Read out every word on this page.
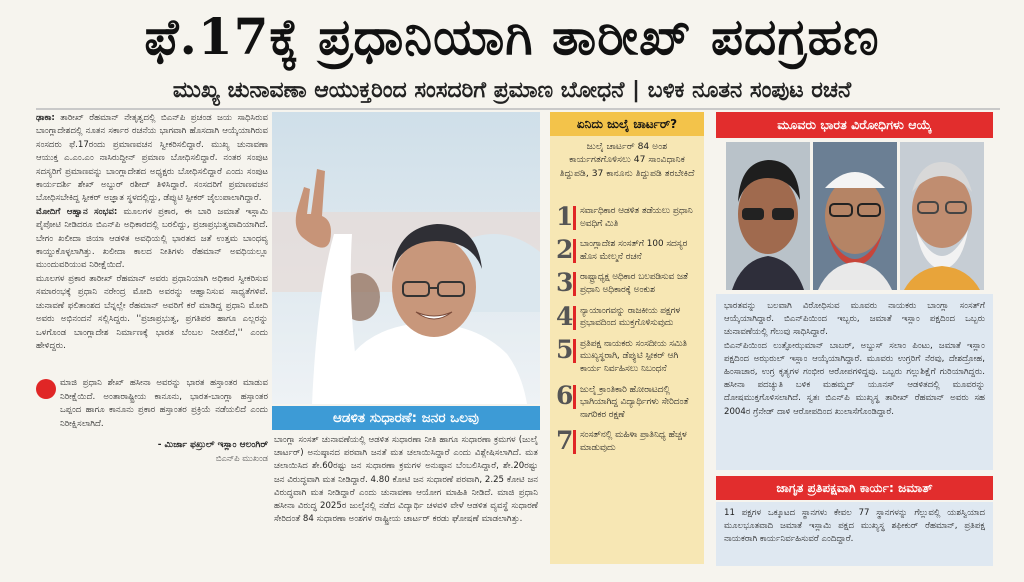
ಫೆ.17ಕ್ಕೆ ಪ್ರಧಾನಿಯಾಗಿ ತಾರೀಖ್ ಪದಗ್ರಹಣ
ಮುಖ್ಯ ಚುನಾವಣಾ ಆಯುಕ್ತರಿಂದ ಸಂಸದರಿಗೆ ಪ್ರಮಾಣ ಬೋಧನೆ | ಬಳಿಕ ನೂತನ ಸಂಪುಟ ರಚನೆ

ಢಾಕಾ: ತಾರೀಖ್ ರೆಹಮಾನ್ ನೇತೃತ್ವದಲ್ಲಿ ಬಿಎನ್‌ಪಿ ಪ್ರಚಂಡ ಜಯ ಸಾಧಿಸಿರುವ ಬಾಂಗ್ಲಾದೇಶದಲ್ಲಿ ನೂತನ ಸರ್ಕಾರ ರಚನೆಯ ಭಾಗವಾಗಿ ಹೊಸದಾಗಿ ಆಯ್ಕೆಯಾಗಿರುವ ಸಂಸದರು ಫೆ.17ರಂದು ಪ್ರಮಾಣವಚನ ಸ್ವೀಕರಿಸಲಿದ್ದಾರೆ. ಮುಖ್ಯ ಚುನಾವಣಾ ಆಯುಕ್ತ ಎ.ಎಂ.ಎಂ ನಾಸಿರುದ್ದೀನ್ ಪ್ರಮಾಣ ಬೋಧಿಸಲಿದ್ದಾರೆ. ನಂತರ ಸಂಪುಟ ಸದಸ್ಯರಿಗೆ ಪ್ರಮಾಣವನ್ನು ಬಾಂಗ್ಲಾದೇಶದ ಅಧ್ಯಕ್ಷರು ಬೋಧಿಸಲಿದ್ದಾರೆ ಎಂದು ಸಂಪುಟ ಕಾರ್ಯದರ್ಶಿ ಶೇಖ್ ಅಬ್ದುರ್ ರಶೀದ್ ತಿಳಿಸಿದ್ದಾರೆ. ಸಂಸದರಿಗೆ ಪ್ರಮಾಣವಚನ ಬೋಧಿಸಬೇಕಿದ್ದ ಸ್ಪೀಕರ್ ಅಜ್ಞಾತ ಸ್ಥಳದಲ್ಲಿದ್ದು, ಡೆಪ್ಯುಟಿ ಸ್ಪೀಕರ್ ಜೈಲುಪಾಲಾಗಿದ್ದಾರೆ.

ಮೋದಿಗೆ ಆಹ್ವಾನ ಸಂಭವ: ಮೂಲಗಳ ಪ್ರಕಾರ, ಈ ಬಾರಿ ಜಮಾತೆ ಇಸ್ಲಾಮಿ ಪೈಪೋಟಿ ನೀಡಿದರೂ ಬಿಎನ್‌ಪಿ ಅಧಿಕಾರದಲ್ಲಿ ಬರಲಿದ್ದು, ಪ್ರಜಾಪ್ರಭುತ್ವವಾದಿಯಾಗಿದೆ. ಬೇಗಂ ಖಲೀದಾ ಜಿಯಾ ಆಡಳಿತ ಅವಧಿಯಲ್ಲಿ ಭಾರತದ ಜತೆ ಉತ್ತಮ ಬಾಂಧವ್ಯ ಕಾಯ್ದುಕೊಳ್ಳಲಾಗಿತ್ತು. ಖಲೀದಾ ಕಾಲದ ನೀತಿಗಳು ರೆಹಮಾನ್ ಅವಧಿಯಲ್ಲೂ ಮುಂದುವರಿಯುವ ನಿರೀಕ್ಷೆಯಿದೆ.

ಮೂಲಗಳ ಪ್ರಕಾರ ತಾರೀಖ್ ರೆಹಮಾನ್ ಅವರು ಪ್ರಧಾನಿಯಾಗಿ ಅಧಿಕಾರ ಸ್ವೀಕರಿಸುವ ಸಮಾರಂಭಕ್ಕೆ ಪ್ರಧಾನಿ ನರೇಂದ್ರ ಮೋದಿ ಅವರನ್ನು ಆಹ್ವಾನಿಸುವ ಸಾಧ್ಯತೆಗಳಿವೆ. ಚುನಾವಣೆ ಫಲಿತಾಂಶದ ಬೆನ್ನಲ್ಲೇ ರೆಹಮಾನ್ ಅವರಿಗೆ ಕರೆ ಮಾಡಿದ್ದ ಪ್ರಧಾನಿ ಮೋದಿ ಅವರು ಅಭಿನಂದನೆ ಸಲ್ಲಿಸಿದ್ದರು. ''ಪ್ರಜಾಪ್ರಭುತ್ವ, ಪ್ರಗತಿಪರ ಹಾಗೂ ಎಲ್ಲರನ್ನು ಒಳಗೊಂಡ ಬಾಂಗ್ಲಾದೇಶ ನಿರ್ಮಾಣಕ್ಕೆ ಭಾರತ ಬೆಂಬಲ ನೀಡಲಿದೆ,'' ಎಂದು ಹೇಳಿದ್ದರು.

ಮಾಜಿ ಪ್ರಧಾನಿ ಶೇಖ್ ಹಸೀನಾ ಅವರನ್ನು ಭಾರತ ಹಸ್ತಾಂತರ ಮಾಡುವ ನಿರೀಕ್ಷೆಯಿದೆ. ಅಂತಾರಾಷ್ಟ್ರೀಯ ಕಾನೂನು, ಭಾರತ-ಬಾಂಗ್ಲಾ ಹಸ್ತಾಂತರ ಒಪ್ಪಂದ ಹಾಗೂ ಕಾನೂನು ಪ್ರಕಾರ ಹಸ್ತಾಂತರ ಪ್ರಕ್ರಿಯೆ ನಡೆಯಲಿದೆ ಎಂದು ನಿರೀಕ್ಷಿಸಲಾಗಿದೆ.

- ಮಿರ್ಜಾ ಫಖ್ರುಲ್ ಇಸ್ಲಾಂ ಆಲಂಗಿರ್

ಬಿಎನ್‌ಪಿ ಮುಖಂಡ

ಆಡಳಿತ ಸುಧಾರಣೆ: ಜನರ ಒಲವು

ಬಾಂಗ್ಲಾ ಸಂಸತ್ ಚುನಾವಣೆಯಲ್ಲಿ ಆಡಳಿತ ಸುಧಾರಣಾ ನೀತಿ ಹಾಗೂ ಸುಧಾರಣಾ ಕ್ರಮಗಳ (ಜುಲೈ ಚಾರ್ಟರ್) ಅನುಷ್ಠಾನದ ಪರವಾಗಿ ಜನತೆ ಮತ ಚಲಾಯಿಸಿದ್ದಾರೆ ಎಂದು ವಿಶ್ಲೇಷಿಸಲಾಗಿದೆ. ಮತ ಚಲಾಯಿಸಿದ ಶೇ.60ರಷ್ಟು ಜನ ಸುಧಾರಣಾ ಕ್ರಮಗಳ ಅನುಷ್ಠಾನ ಬೆಂಬಲಿಸಿದ್ದಾರೆ, ಶೇ.20ರಷ್ಟು ಜನ ವಿರುದ್ಧವಾಗಿ ಮತ ನೀಡಿದ್ದಾರೆ. 4.80 ಕೋಟಿ ಜನ ಸುಧಾರಣೆ ಪರವಾಗಿ, 2.25 ಕೋಟಿ ಜನ ವಿರುದ್ಧವಾಗಿ ಮತ ನೀಡಿದ್ದಾರೆ ಎಂದು ಚುನಾವಣಾ ಆಯೋಗ ಮಾಹಿತಿ ನೀಡಿದೆ. ಮಾಜಿ ಪ್ರಧಾನಿ ಹಸೀನಾ ವಿರುದ್ಧ 2025ರ ಜುಲೈನಲ್ಲಿ ನಡೆದ ವಿದ್ಯಾರ್ಥಿ ಚಳವಳಿ ವೇಳೆ ಆಡಳಿತ ವ್ಯವಸ್ಥೆ ಸುಧಾರಣೆ ಸೇರಿದಂತೆ 84 ಸುಧಾರಣಾ ಅಂಶಗಳ ರಾಷ್ಟ್ರೀಯ ಚಾರ್ಟರ್ ಕರಡು ಘೋಷಣೆ ಮಾಡಲಾಗಿತ್ತು.

ಏನಿದು ಜುಲೈ ಚಾರ್ಟರ್?
ಜುಲೈ ಚಾರ್ಟರ್ 84 ಅಂಶ ಕಾರ್ಯಗತಗೊಳಿಸಲು 47 ಸಾಂವಿಧಾನಿಕ ತಿದ್ದುಪಡಿ, 37 ಕಾನೂನು ತಿದ್ದುಪಡಿ ತರಬೇಕಿದೆ
1 ಸರ್ವಾಧಿಕಾರ ಆಡಳಿತ ತಡೆಯಲು ಪ್ರಧಾನಿ ಅವಧಿಗೆ ಮಿತಿ
2 ಬಾಂಗ್ಲಾದೇಶ ಸಂಸತ್‌ಗೆ 100 ಸದಸ್ಯರ ಹೊಸ ಮೇಲ್ಮನೆ ರಚನೆ
3 ರಾಷ್ಟ್ರಾಧ್ಯಕ್ಷ ಅಧಿಕಾರ ಬಲಪಡಿಸುವ ಜತೆ ಪ್ರಧಾನಿ ಅಧಿಕಾರಕ್ಕೆ ಅಂಕುಶ
4 ನ್ಯಾಯಾಂಗವನ್ನು ರಾಜಕೀಯ ಪಕ್ಷಗಳ ಪ್ರಭಾವದಿಂದ ಮುಕ್ತಗೊಳಿಸುವುದು
5 ಪ್ರತಿಪಕ್ಷ ನಾಯಕರು ಸಂಸದೀಯ ಸಮಿತಿ ಮುಖ್ಯಸ್ಥರಾಗಿ, ಡೆಪ್ಯುಟಿ ಸ್ಪೀಕರ್ ಆಗಿ ಕಾರ್ಯ ನಿರ್ವಹಿಸಲು ನಿಬಂಧನೆ
6 ಜುಲೈ ಕ್ರಾಂತಿಕಾರಿ ಹೋರಾಟದಲ್ಲಿ ಭಾಗಿಯಾಗಿದ್ದ ವಿದ್ಯಾರ್ಥಿಗಳು ಸೇರಿದಂತೆ ನಾಗರಿಕರ ರಕ್ಷಣೆ
7 ಸಂಸತ್‌ನಲ್ಲಿ ಮಹಿಳಾ ಪ್ರಾತಿನಿಧ್ಯ ಹೆಚ್ಚಳ ಮಾಡುವುದು
ಮೂವರು ಭಾರತ ವಿರೋಧಿಗಳು ಆಯ್ಕೆ

ಭಾರತವನ್ನು ಬಲವಾಗಿ ವಿರೋಧಿಸುವ ಮೂವರು ನಾಯಕರು ಬಾಂಗ್ಲಾ ಸಂಸತ್‌ಗೆ ಆಯ್ಕೆಯಾಗಿದ್ದಾರೆ. ಬಿಎನ್‌ಪಿಯಿಂದ ಇಬ್ಬರು, ಜಮಾತೆ ಇಸ್ಲಾಂ ಪಕ್ಷದಿಂದ ಒಬ್ಬರು ಚುನಾವಣೆಯಲ್ಲಿ ಗೆಲುವು ಸಾಧಿಸಿದ್ದಾರೆ.

ಬಿಎನ್‌ಪಿಯಿಂದ ಲುತ್ಫೋಝಮಾನ್ ಬಾಬರ್, ಅಬ್ದುಸ್ ಸಲಾಂ ಪಿಂಟು, ಜಮಾತೆ ಇಸ್ಲಾಂ ಪಕ್ಷದಿಂದ ಅಝರುಲ್ ಇಸ್ಲಾಂ ಆಯ್ಕೆಯಾಗಿದ್ದಾರೆ. ಮೂವರು ಉಗ್ರರಿಗೆ ನೆರವು, ದೇಶದ್ರೋಹ, ಹಿಂಸಾಚಾರ, ಉಗ್ರ ಕೃತ್ಯಗಳ ಗಂಭೀರ ಆರೋಪಗಳಿದ್ದವು. ಒಬ್ಬರು ಗಲ್ಲುಶಿಕ್ಷೆಗೆ ಗುರಿಯಾಗಿದ್ದರು. ಹಸೀನಾ ಪದಚ್ಯುತಿ ಬಳಿಕ ಮಹಮ್ಮದ್ ಯೂನಸ್ ಆಡಳಿತದಲ್ಲಿ ಮೂವರನ್ನು ದೋಷಮುಕ್ತಗೊಳಿಸಲಾಗಿದೆ. ಸ್ವತಃ ಬಿಎನ್‌ಪಿ ಮುಖ್ಯಸ್ಥ ತಾರೀಖ್ ರೆಹಮಾನ್ ಅವರು ಸಹ 2004ರ ಗ್ರೆನೇಡ್ ದಾಳಿ ಆರೋಪದಿಂದ ಖುಲಾಸೆಗೊಂಡಿದ್ದಾರೆ.

ಜಾಗೃತ ಪ್ರತಿಪಕ್ಷವಾಗಿ ಕಾರ್ಯ: ಜಮಾತ್

11 ಪಕ್ಷಗಳ ಒಕ್ಕೂಟದ ಸ್ಥಾನಗಳು ಕೇವಲ 77 ಸ್ಥಾನಗಳನ್ನು ಗೆಲ್ಲುವಲ್ಲಿ ಯಶಸ್ವಿಯಾದ ಮೂಲಭೂತವಾದಿ ಜಮಾತೆ ಇಸ್ಲಾಮಿ ಪಕ್ಷದ ಮುಖ್ಯಸ್ಥ ಶಫೀಕುರ್ ರೆಹಮಾನ್, ಪ್ರತಿಪಕ್ಷ ನಾಯಕರಾಗಿ ಕಾರ್ಯನಿರ್ವಹಿಸುವರೆ ಎಂದಿದ್ದಾರೆ.
